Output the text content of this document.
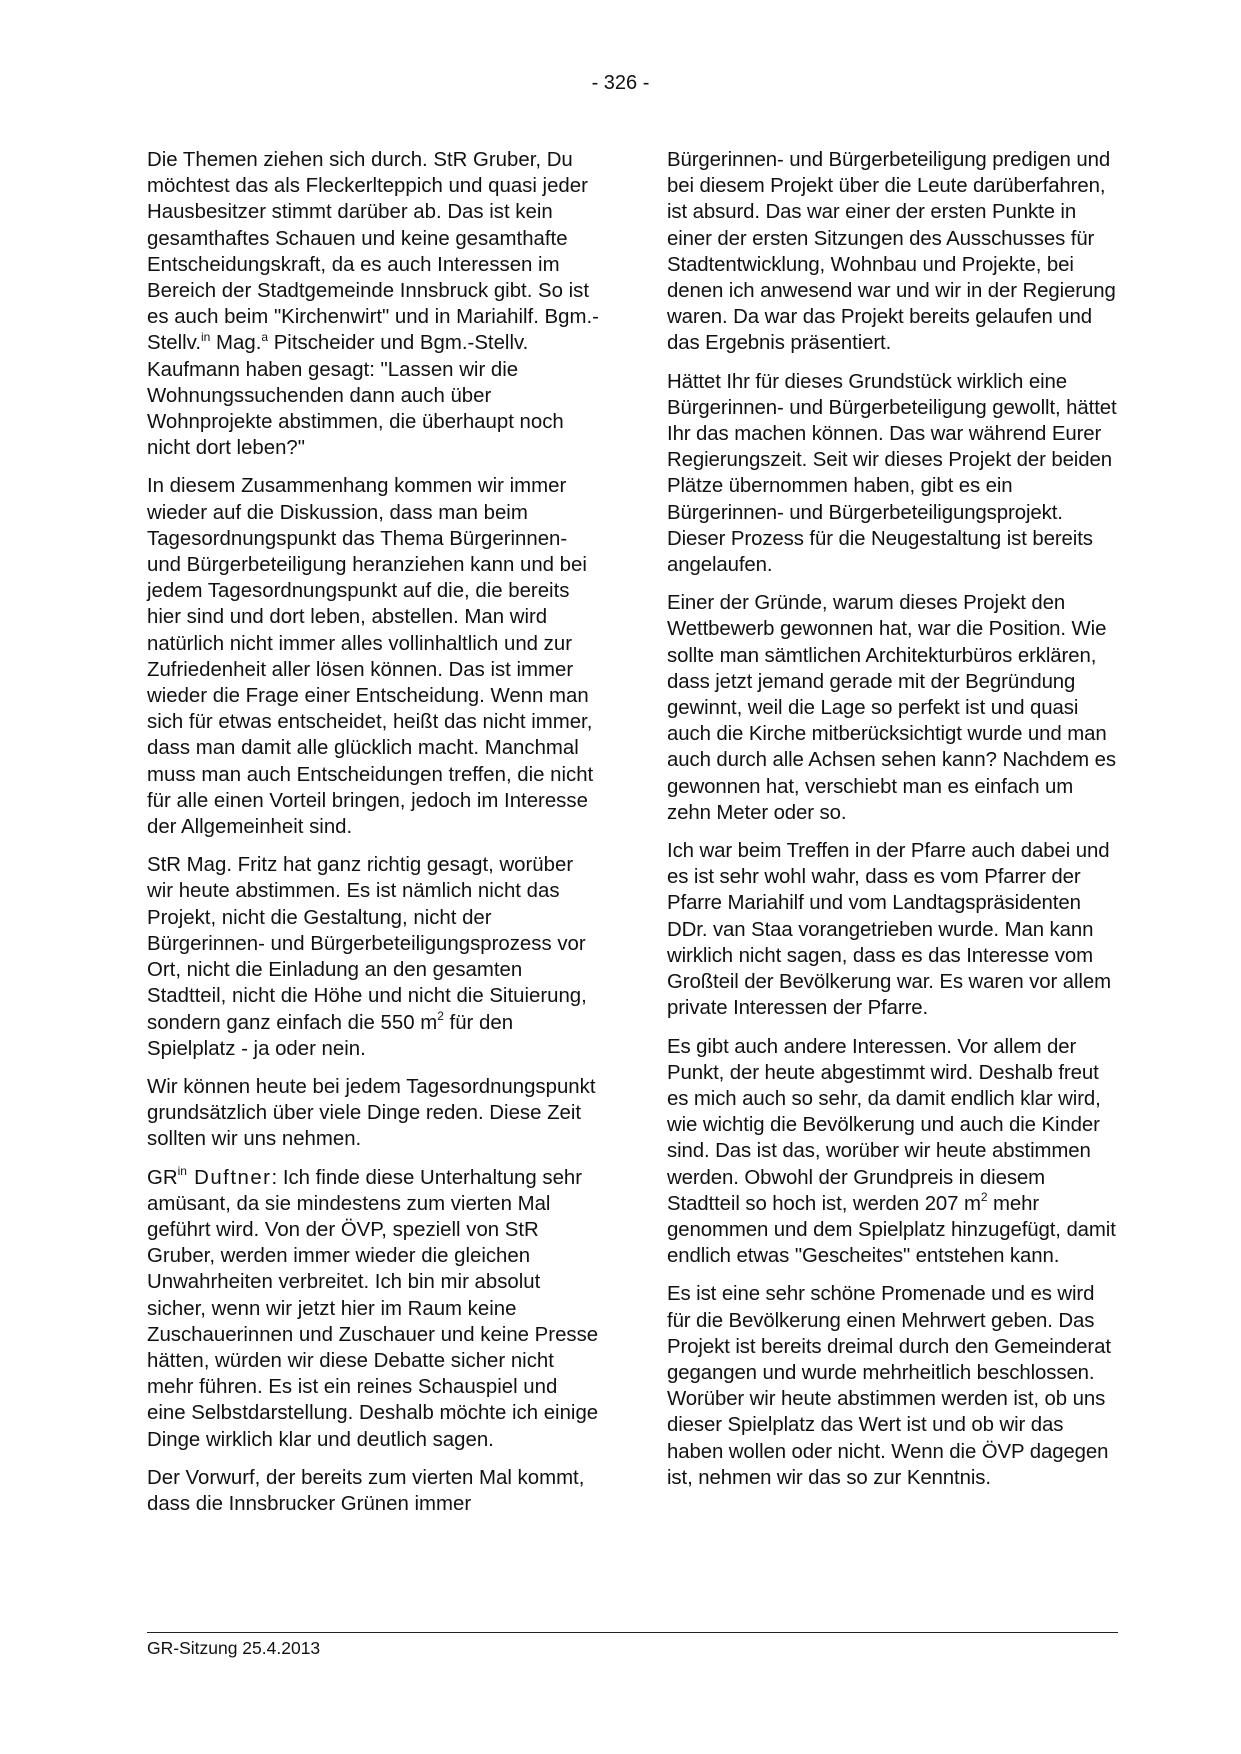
- 326 -

Die Themen ziehen sich durch. StR Gruber, Du möchtest das als Fleckerlteppich und quasi jeder Hausbesitzer stimmt darüber ab. Das ist kein gesamthaftes Schauen und keine gesamthafte Entscheidungskraft, da es auch Interessen im Bereich der Stadtgemeinde Innsbruck gibt. So ist es auch beim "Kirchenwirt" und in Mariahilf. Bgm.-Stellv.$^{in}$ Mag.$^a$ Pitscheider und Bgm.-Stellv. Kaufmann haben gesagt: "Lassen wir die Wohnungssuchenden dann auch über Wohnprojekte abstimmen, die überhaupt noch nicht dort leben?"

In diesem Zusammenhang kommen wir immer wieder auf die Diskussion, dass man beim Tagesordnungspunkt das Thema Bürgerinnen- und Bürgerbeteiligung heranziehen kann und bei jedem Tagesordnungspunkt auf die, die bereits hier sind und dort leben, abstellen. Man wird natürlich nicht immer alles vollinhaltlich und zur Zufriedenheit aller lösen können. Das ist immer wieder die Frage einer Entscheidung. Wenn man sich für etwas entscheidet, heißt das nicht immer, dass man damit alle glücklich macht. Manchmal muss man auch Entscheidungen treffen, die nicht für alle einen Vorteil bringen, jedoch im Interesse der Allgemeinheit sind.

StR Mag. Fritz hat ganz richtig gesagt, worüber wir heute abstimmen. Es ist nämlich nicht das Projekt, nicht die Gestaltung, nicht der Bürgerinnen- und Bürgerbeteiligungsprozess vor Ort, nicht die Einladung an den gesamten Stadtteil, nicht die Höhe und nicht die Situierung, sondern ganz einfach die 550 $m^2$ für den Spielplatz - ja oder nein.

Wir können heute bei jedem Tagesordnungspunkt grundsätzlich über viele Dinge reden. Diese Zeit sollten wir uns nehmen.

$GR^{in}$ Duftner: Ich finde diese Unterhaltung sehr amüsant, da sie mindestens zum vierten Mal geführt wird. Von der ÖVP, speziell von StR Gruber, werden immer wieder die gleichen Unwahrheiten verbreitet. Ich bin mir absolut sicher, wenn wir jetzt hier im Raum keine Zuschauerinnen und Zuschauer und keine Presse hätten, würden wir diese Debatte sicher nicht mehr führen. Es ist ein reines Schauspiel und eine Selbstdarstellung. Deshalb möchte ich einige Dinge wirklich klar und deutlich sagen.

Der Vorwurf, der bereits zum vierten Mal kommt, dass die Innsbrucker Grünen immer

Bürgerinnen- und Bürgerbeteiligung predigen und bei diesem Projekt über die Leute darüberfahren, ist absurd. Das war einer der ersten Punkte in einer der ersten Sitzungen des Ausschusses für Stadtentwicklung, Wohnbau und Projekte, bei denen ich anwesend war und wir in der Regierung waren. Da war das Projekt bereits gelaufen und das Ergebnis präsentiert.

Hättet Ihr für dieses Grundstück wirklich eine Bürgerinnen- und Bürgerbeteiligung gewollt, hättet Ihr das machen können. Das war während Eurer Regierungszeit. Seit wir dieses Projekt der beiden Plätze übernommen haben, gibt es ein Bürgerinnen- und Bürgerbeteiligungsprojekt. Dieser Prozess für die Neugestaltung ist bereits angelaufen.

Einer der Gründe, warum dieses Projekt den Wettbewerb gewonnen hat, war die Position. Wie sollte man sämtlichen Architekturbüros erklären, dass jetzt jemand gerade mit der Begründung gewinnt, weil die Lage so perfekt ist und quasi auch die Kirche mitberücksichtigt wurde und man auch durch alle Achsen sehen kann? Nachdem es gewonnen hat, verschiebt man es einfach um zehn Meter oder so.

Ich war beim Treffen in der Pfarre auch dabei und es ist sehr wohl wahr, dass es vom Pfarrer der Pfarre Mariahilf und vom Landtagspräsidenten DDr. van Staa vorangetrieben wurde. Man kann wirklich nicht sagen, dass es das Interesse vom Großteil der Bevölkerung war. Es waren vor allem private Interessen der Pfarre.

Es gibt auch andere Interessen. Vor allem der Punkt, der heute abgestimmt wird. Deshalb freut es mich auch so sehr, da damit endlich klar wird, wie wichtig die Bevölkerung und auch die Kinder sind. Das ist das, worüber wir heute abstimmen werden. Obwohl der Grundpreis in diesem Stadtteil so hoch ist, werden 207 $m^2$ mehr genommen und dem Spielplatz hinzugefügt, damit endlich etwas "Gescheites" entstehen kann.

Es ist eine sehr schöne Promenade und es wird für die Bevölkerung einen Mehrwert geben. Das Projekt ist bereits dreimal durch den Gemeinderat gegangen und wurde mehrheitlich beschlossen. Worüber wir heute abstimmen werden ist, ob uns dieser Spielplatz das Wert ist und ob wir das haben wollen oder nicht. Wenn die ÖVP dagegen ist, nehmen wir das so zur Kenntnis.

GR-Sitzung 25.4.2013
